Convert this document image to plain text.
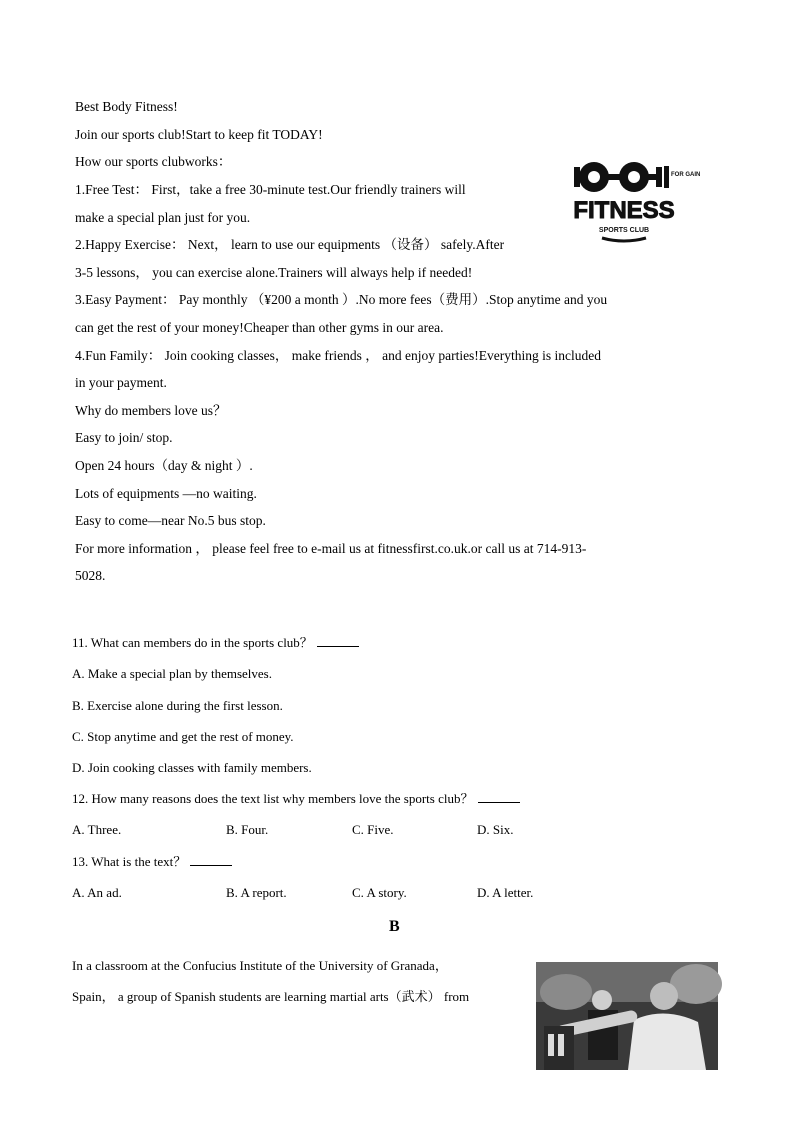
Best Body Fitness!
Join our sports club!Start to keep fit TODAY!
How our sports clubworks：
1.Free Test： First，take a free 30-minute test.Our friendly trainers will
make a special plan just for you.
2.Happy Exercise： Next， learn to use our equipments （设备） safely.After
3-5 lessons， you can exercise alone.Trainers will always help if needed!
3.Easy Payment： Pay monthly （¥200 a month ）.No more fees（费用）.Stop anytime and you
can get the rest of your money!Cheaper than other gyms in our area.
4.Fun Family： Join cooking classes， make friends ， and enjoy parties!Everything is included
in your payment.
Why do members love us？
Easy to join/ stop.
Open 24 hours（day & night ）.
Lots of equipments —no waiting.
Easy to come—near No.5 bus stop.
For more information ， please feel free to e-mail us at fitnessfirst.co.uk.or call us at 714-913-
5028.
FOR GAIN
FITNESS
SPORTS CLUB
11. What can members do in the sports club？
A. Make a special plan by themselves.
B. Exercise alone during the first lesson.
C. Stop anytime and get the rest of money.
D. Join cooking classes with family members.
12. How many reasons does the text list why members love the sports club？
A. Three.	B. Four.	C. Five.	D. Six.
13. What is the text？
A. An ad.	B. A report.	C. A story.	D. A letter.
B
In a classroom at the Confucius Institute of the University of Granada，
Spain， a group of Spanish students are learning martial arts（武术） from
